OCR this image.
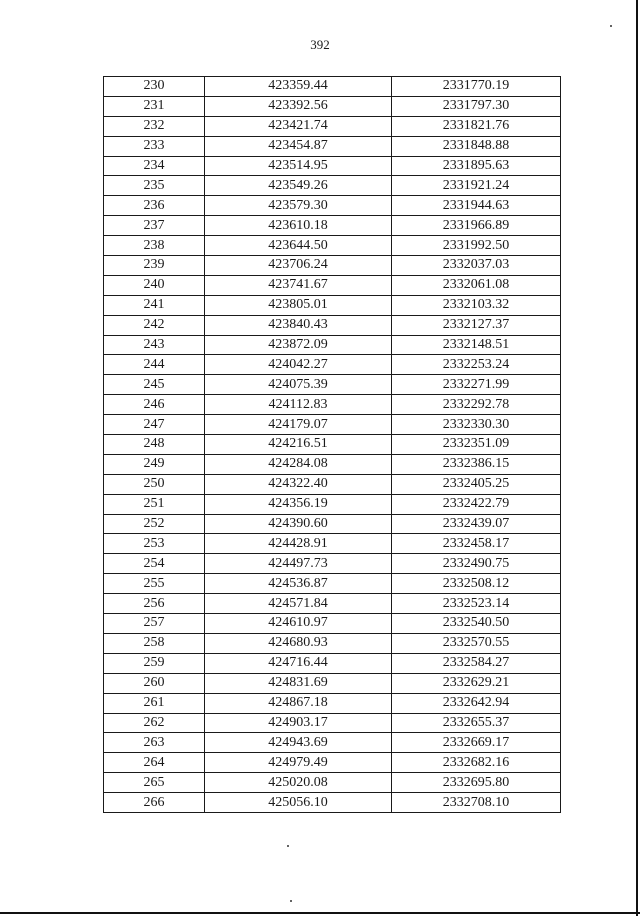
392
230	423359.44	2331770.19
231	423392.56	2331797.30
232	423421.74	2331821.76
233	423454.87	2331848.88
234	423514.95	2331895.63
235	423549.26	2331921.24
236	423579.30	2331944.63
237	423610.18	2331966.89
238	423644.50	2331992.50
239	423706.24	2332037.03
240	423741.67	2332061.08
241	423805.01	2332103.32
242	423840.43	2332127.37
243	423872.09	2332148.51
244	424042.27	2332253.24
245	424075.39	2332271.99
246	424112.83	2332292.78
247	424179.07	2332330.30
248	424216.51	2332351.09
249	424284.08	2332386.15
250	424322.40	2332405.25
251	424356.19	2332422.79
252	424390.60	2332439.07
253	424428.91	2332458.17
254	424497.73	2332490.75
255	424536.87	2332508.12
256	424571.84	2332523.14
257	424610.97	2332540.50
258	424680.93	2332570.55
259	424716.44	2332584.27
260	424831.69	2332629.21
261	424867.18	2332642.94
262	424903.17	2332655.37
263	424943.69	2332669.17
264	424979.49	2332682.16
265	425020.08	2332695.80
266	425056.10	2332708.10
